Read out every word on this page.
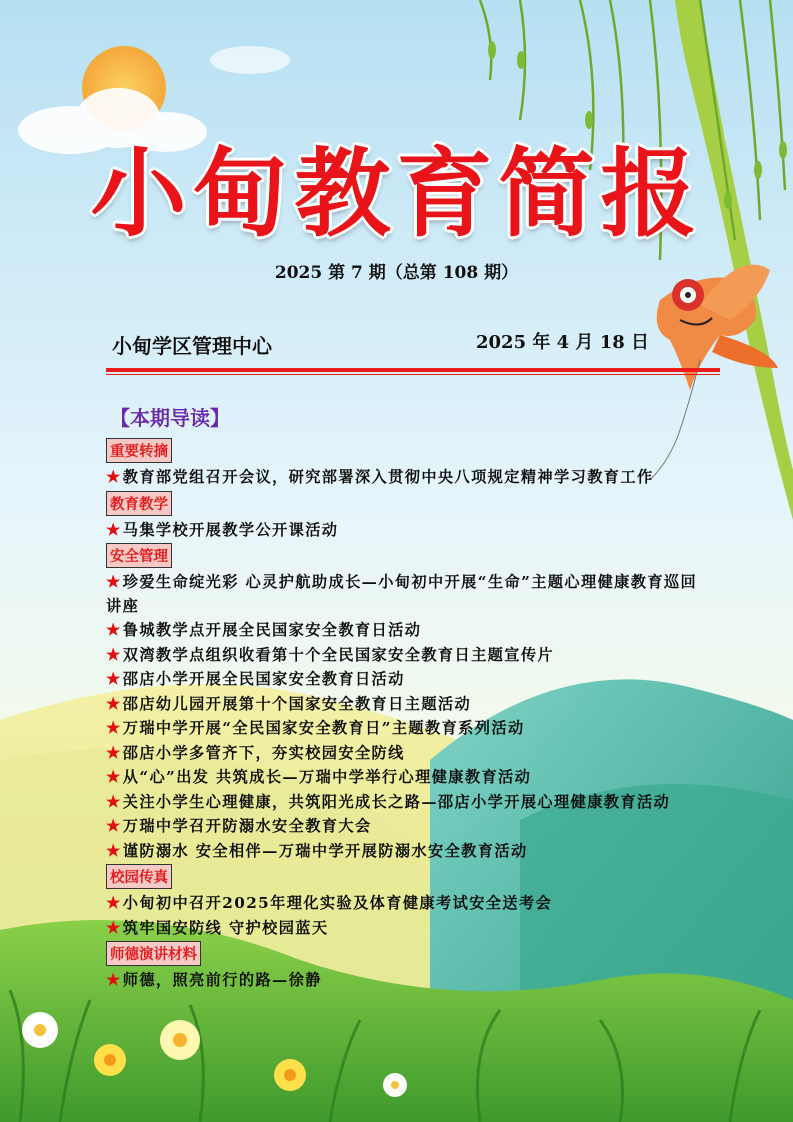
小甸教育简报
2025 第 7 期（总第 108 期）
小甸学区管理中心	2025 年 4 月 18 日
【本期导读】
重要转摘
★教育部党组召开会议，研究部署深入贯彻中央八项规定精神学习教育工作
教育教学
★马集学校开展教学公开课活动
安全管理
★珍爱生命绽光彩 心灵护航助成长—小甸初中开展“生命”主题心理健康教育巡回讲座
★鲁城教学点开展全民国家安全教育日活动
★双湾教学点组织收看第十个全民国家安全教育日主题宣传片
★邵店小学开展全民国家安全教育日活动
★邵店幼儿园开展第十个国家安全教育日主题活动
★万瑞中学开展“全民国家安全教育日”主题教育系列活动
★邵店小学多管齐下，夯实校园安全防线
★从“心”出发 共筑成长—万瑞中学举行心理健康教育活动
★关注小学生心理健康，共筑阳光成长之路—邵店小学开展心理健康教育活动
★万瑞中学召开防溺水安全教育大会
★谨防溺水 安全相伴—万瑞中学开展防溺水安全教育活动
校园传真
★小甸初中召开2025年理化实验及体育健康考试安全送考会
★筑牢国安防线 守护校园蓝天
师德演讲材料
★师德，照亮前行的路—徐静
